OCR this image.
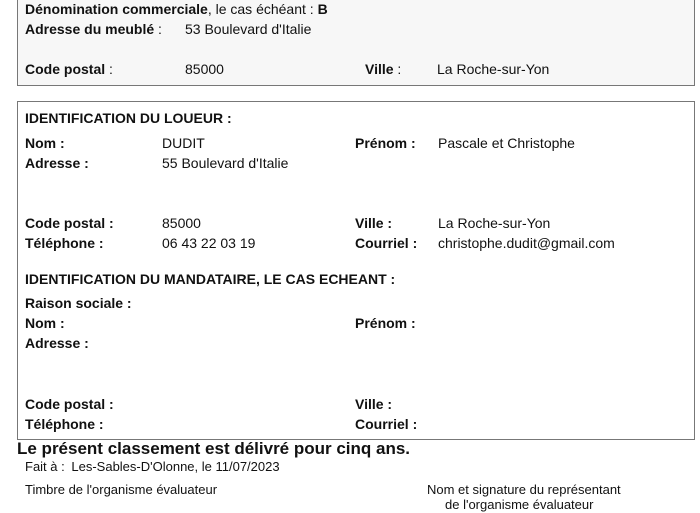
Dénomination commerciale, le cas échéant : B
Adresse du meublé : 53 Boulevard d'Italie
Code postal :	85000	Ville :	La Roche-sur-Yon
IDENTIFICATION DU LOUEUR :
Nom :	DUDIT	Prénom : Pascale et Christophe
Adresse :	55 Boulevard d'Italie
Code postal :	85000	Ville :	La Roche-sur-Yon
Téléphone :	06 43 22 03 19	Courriel : christophe.dudit@gmail.com
IDENTIFICATION DU MANDATAIRE, LE CAS ECHEANT :
Raison sociale :
Nom :	Prénom :
Adresse :
Code postal :	Ville :
Téléphone :	Courriel :
Le présent classement est délivré pour cinq ans.
Fait à : Les-Sables-D'Olonne, le 11/07/2023
Timbre de l'organisme évaluateur	Nom et signature du représentant
de l'organisme évaluateur
